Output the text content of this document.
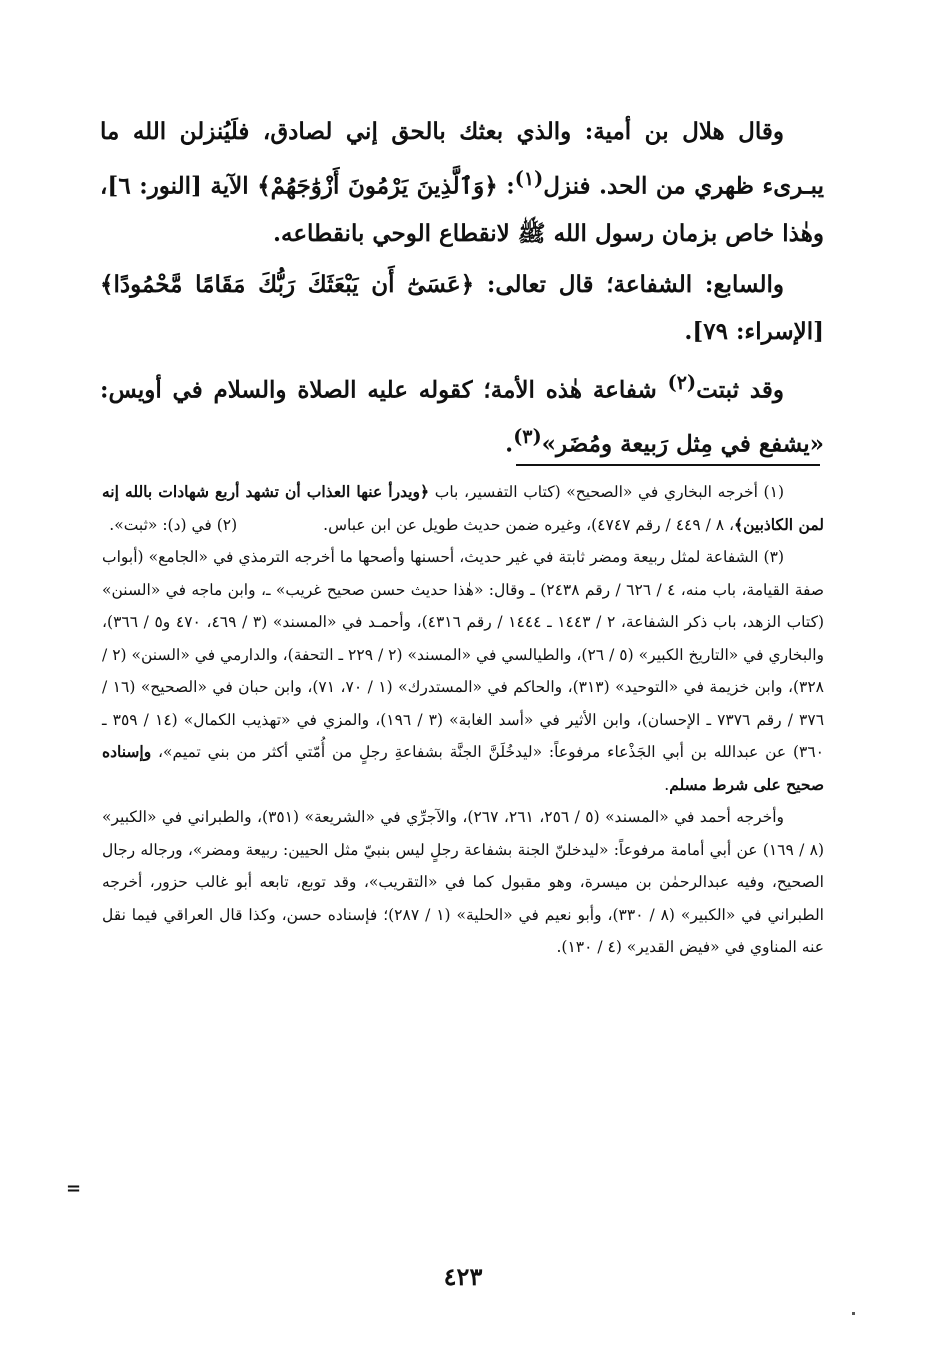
وقال هلال بن أمية: والذي بعثك بالحق إني لصادق، فلَيُنزلن الله ما يبـرىء ظهري من الحد. فنزل$^{(١)}$: ﴿وَٱلَّذِينَ يَرْمُونَ أَزْوَٰجَهُمْ﴾ الآية [النور: ٦]، وهٰذا خاص بزمان رسول الله ﷺ لانقطاع الوحي بانقطاعه.

والسابع: الشفاعة؛ قال تعالى: ﴿عَسَىٰٓ أَن يَبْعَثَكَ رَبُّكَ مَقَامًا مَّحْمُودًا﴾ [الإسراء: ٧٩].

وقد ثبتت$^{(٢)}$ شفاعة هٰذه الأمة؛ كقوله عليه الصلاة والسلام في أويس: «يشفع في مِثل رَبيعة ومُضَر»$^{(٣)}$.

(١) أخرجه البخاري في «الصحيح» (كتاب التفسير، باب ﴿ويدرأ عنها العذاب أن تشهد أربع شهادات بالله إنه لمن الكاذبين﴾، ٨ / ٤٤٩ / رقم ٤٧٤٧)، وغيره ضمن حديث طويل عن ابن عباس.(٢) في (د): «ثبت».

(٣) الشفاعة لمثل ربيعة ومضر ثابتة في غير حديث، أحسنها وأصحها ما أخرجه الترمذي في «الجامع» (أبواب صفة القيامة، باب منه، ٤ / ٦٢٦ / رقم ٢٤٣٨) ـ وقال: «هٰذا حديث حسن صحيح غريب» ـ، وابن ماجه في «السنن» (كتاب الزهد، باب ذكر الشفاعة، ٢ / ١٤٤٣ ـ ١٤٤٤ / رقم ٤٣١٦)، وأحمـد في «المسند» (٣ / ٤٦٩، ٤٧٠ و٥ / ٣٦٦)، والبخاري في «التاريخ الكبير» (٥ / ٢٦)، والطيالسي في «المسند» (٢ / ٢٢٩ ـ التحفة)، والدارمي في «السنن» (٢ / ٣٢٨)، وابن خزيمة في «التوحيد» (٣١٣)، والحاكم في «المستدرك» (١ / ٧٠، ٧١)، وابن حبان في «الصحيح» (١٦ / ٣٧٦ / رقم ٧٣٧٦ ـ الإحسان)، وابن الأثير في «أسد الغابة» (٣ / ١٩٦)، والمزي في «تهذيب الكمال» (١٤ / ٣٥٩ ـ ٣٦٠) عن عبدالله بن أبي الجَذْعاء مرفوعاً: «ليدخُلَنَّ الجنَّة بشفاعةِ رجلٍ من أُمّتي أكثر من بني تميم»، وإسناده صحيح على شرط مسلم.

وأخرجه أحمد في «المسند» (٥ / ٢٥٦، ٢٦١، ٢٦٧)، والآجرِّي في «الشريعة» (٣٥١)، والطبراني في «الكبير» (٨ / ١٦٩) عن أبي أمامة مرفوعاً: «ليدخلنّ الجنة بشفاعة رجلٍ ليس بنبيّ مثل الحيين: ربيعة ومضر»، ورجاله رجال الصحيح، وفيه عبدالرحمٰن بن ميسرة، وهو مقبول كما في «التقريب»، وقد توبع، تابعه أبو غالب حزور، أخرجه الطبراني في «الكبير» (٨ / ٣٣٠)، وأبو نعيم في «الحلية» (١ / ٢٨٧)؛ فإسناده حسن، وكذا قال العراقي فيما نقل عنه المناوي في «فيض القدير» (٤ / ١٣٠).

=
٤٢٣
